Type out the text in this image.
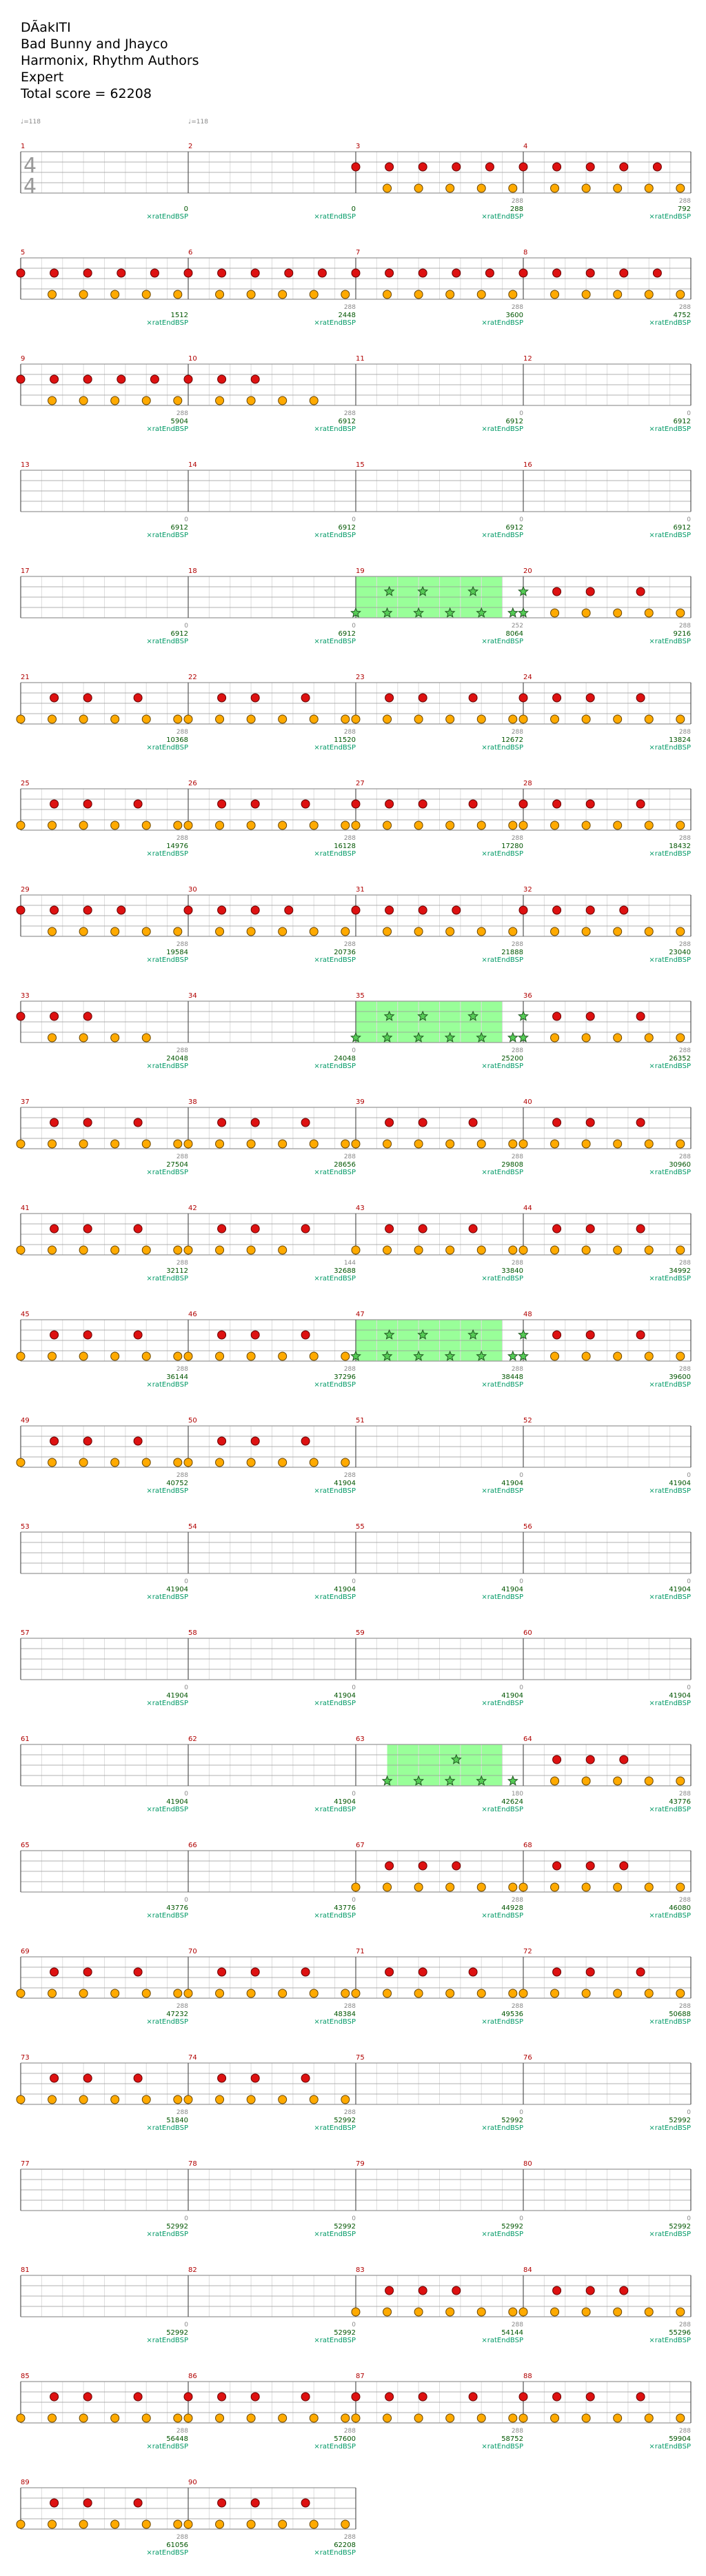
DÃakITI
Bad Bunny and Jhayco
Harmonix, Rhythm Authors
Expert
Total score = 62208
♩=118	♩=118
1
4
4
0
×ratEndBSP
2
0
×ratEndBSP
3
288
288
×ratEndBSP
4
288
792
×ratEndBSP
5
1512
×ratEndBSP
6
288
2448
×ratEndBSP
7
288
3600
×ratEndBSP
8
288
4752
×ratEndBSP
9
288
5904
×ratEndBSP
10
288
6912
×ratEndBSP
11
0
6912
×ratEndBSP
12
0
6912
×ratEndBSP
13
0
6912
×ratEndBSP
14
0
6912
×ratEndBSP
15
0
6912
×ratEndBSP
16
0
6912
×ratEndBSP
17
0
6912
×ratEndBSP
18
0
6912
×ratEndBSP
19
252
8064
×ratEndBSP
20
288
9216
×ratEndBSP
21
288
10368
×ratEndBSP
22
288
11520
×ratEndBSP
23
288
12672
×ratEndBSP
24
288
13824
×ratEndBSP
25
288
14976
×ratEndBSP
26
288
16128
×ratEndBSP
27
288
17280
×ratEndBSP
28
288
18432
×ratEndBSP
29
288
19584
×ratEndBSP
30
288
20736
×ratEndBSP
31
288
21888
×ratEndBSP
32
288
23040
×ratEndBSP
33
288
24048
×ratEndBSP
34
0
24048
×ratEndBSP
35
288
25200
×ratEndBSP
36
288
26352
×ratEndBSP
37
288
27504
×ratEndBSP
38
288
28656
×ratEndBSP
39
288
29808
×ratEndBSP
40
288
30960
×ratEndBSP
41
288
32112
×ratEndBSP
42
144
32688
×ratEndBSP
43
288
33840
×ratEndBSP
44
288
34992
×ratEndBSP
45
288
36144
×ratEndBSP
46
288
37296
×ratEndBSP
47
288
38448
×ratEndBSP
48
288
39600
×ratEndBSP
49
288
40752
×ratEndBSP
50
288
41904
×ratEndBSP
51
0
41904
×ratEndBSP
52
0
41904
×ratEndBSP
53
0
41904
×ratEndBSP
54
0
41904
×ratEndBSP
55
0
41904
×ratEndBSP
56
0
41904
×ratEndBSP
57
0
41904
×ratEndBSP
58
0
41904
×ratEndBSP
59
0
41904
×ratEndBSP
60
0
41904
×ratEndBSP
61
0
41904
×ratEndBSP
62
0
41904
×ratEndBSP
63
180
42624
×ratEndBSP
64
288
43776
×ratEndBSP
65
0
43776
×ratEndBSP
66
0
43776
×ratEndBSP
67
288
44928
×ratEndBSP
68
288
46080
×ratEndBSP
69
288
47232
×ratEndBSP
70
288
48384
×ratEndBSP
71
288
49536
×ratEndBSP
72
288
50688
×ratEndBSP
73
288
51840
×ratEndBSP
74
288
52992
×ratEndBSP
75
0
52992
×ratEndBSP
76
0
52992
×ratEndBSP
77
0
52992
×ratEndBSP
78
0
52992
×ratEndBSP
79
0
52992
×ratEndBSP
80
0
52992
×ratEndBSP
81
0
52992
×ratEndBSP
82
0
52992
×ratEndBSP
83
288
54144
×ratEndBSP
84
288
55296
×ratEndBSP
85
288
56448
×ratEndBSP
86
288
57600
×ratEndBSP
87
288
58752
×ratEndBSP
88
288
59904
×ratEndBSP
89
288
61056
×ratEndBSP
90
288
62208
×ratEndBSP
